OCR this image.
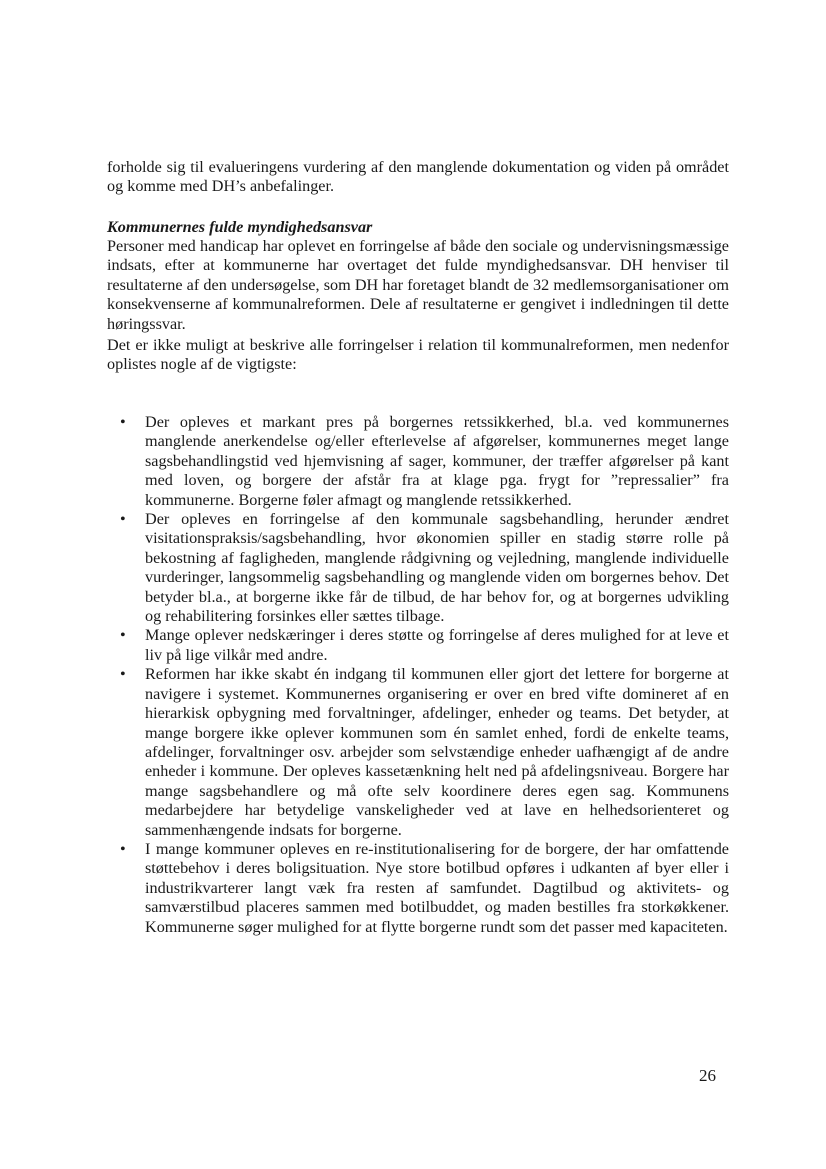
forholde sig til evalueringens vurdering af den manglende dokumentation og viden på området og komme med DH’s anbefalinger.

Kommunernes fulde myndighedsansvar

Personer med handicap har oplevet en forringelse af både den sociale og undervisningsmæssige indsats, efter at kommunerne har overtaget det fulde myndighedsansvar. DH henviser til resultaterne af den undersøgelse, som DH har foretaget blandt de 32 medlemsorganisationer om konsekvenserne af kommunalreformen. Dele af resultaterne er gengivet i indledningen til dette høringssvar.

Det er ikke muligt at beskrive alle forringelser i relation til kommunalreformen, men nedenfor oplistes nogle af de vigtigste:

• Der opleves et markant pres på borgernes retssikkerhed, bl.a. ved kommunernes manglende anerkendelse og/eller efterlevelse af afgørelser, kommunernes meget lange sagsbehandlingstid ved hjemvisning af sager, kommuner, der træffer afgørelser på kant med loven, og borgere der afstår fra at klage pga. frygt for ”repressalier” fra kommunerne. Borgerne føler afmagt og manglende retssikkerhed.
• Der opleves en forringelse af den kommunale sagsbehandling, herunder ændret visitationspraksis/sagsbehandling, hvor økonomien spiller en stadig større rolle på bekostning af fagligheden, manglende rådgivning og vejledning, manglende individuelle vurderinger, langsommelig sagsbehandling og manglende viden om borgernes behov. Det betyder bl.a., at borgerne ikke får de tilbud, de har behov for, og at borgernes udvikling og rehabilitering forsinkes eller sættes tilbage.
• Mange oplever nedskæringer i deres støtte og forringelse af deres mulighed for at leve et liv på lige vilkår med andre.
• Reformen har ikke skabt én indgang til kommunen eller gjort det lettere for borgerne at navigere i systemet. Kommunernes organisering er over en bred vifte domineret af en hierarkisk opbygning med forvaltninger, afdelinger, enheder og teams. Det betyder, at mange borgere ikke oplever kommunen som én samlet enhed, fordi de enkelte teams, afdelinger, forvaltninger osv. arbejder som selvstændige enheder uafhængigt af de andre enheder i kommune. Der opleves kassetænkning helt ned på afdelingsniveau. Borgere har mange sagsbehandlere og må ofte selv koordinere deres egen sag. Kommunens medarbejdere har betydelige vanskeligheder ved at lave en helhedsorienteret og sammenhængende indsats for borgerne.
• I mange kommuner opleves en re-institutionalisering for de borgere, der har omfattende støttebehov i deres boligsituation. Nye store botilbud opføres i udkanten af byer eller i industrikvarterer langt væk fra resten af samfundet. Dagtilbud og aktivitets- og samværstilbud placeres sammen med botilbuddet, og maden bestilles fra storkøkkener. Kommunerne søger mulighed for at flytte borgerne rundt som det passer med kapaciteten.
26
